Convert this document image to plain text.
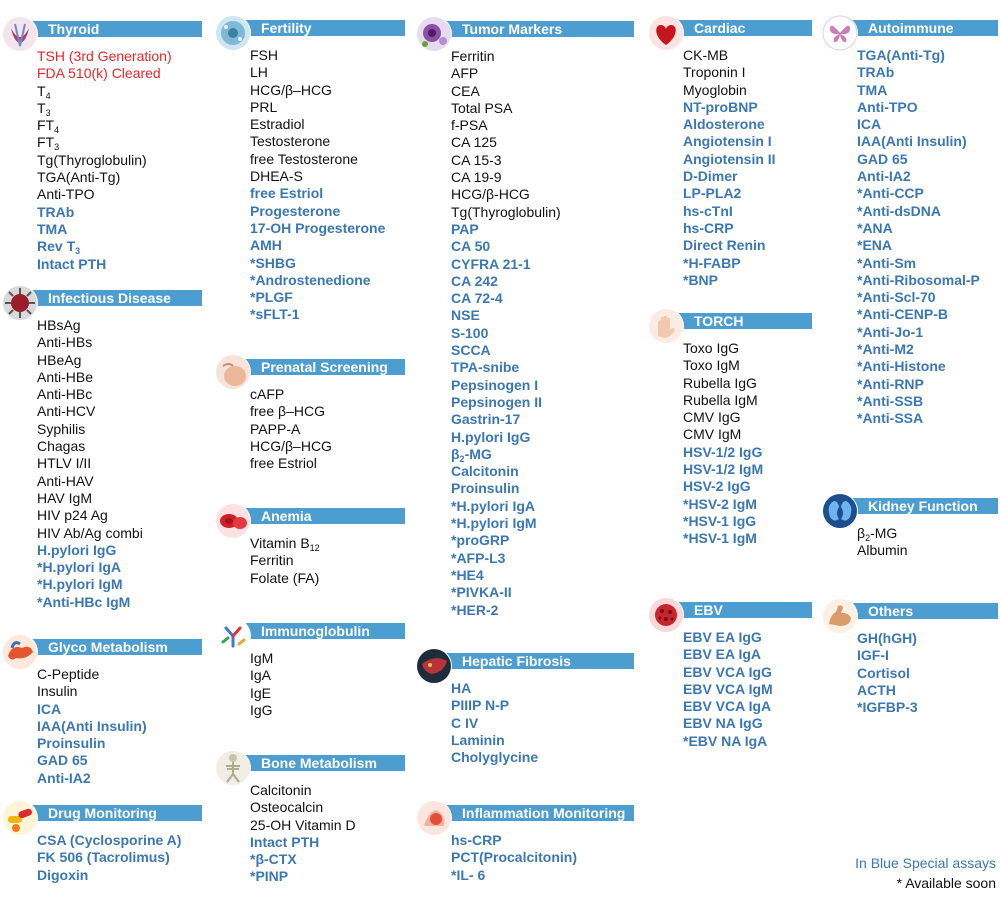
Thyroid
TSH (3rd Generation)
FDA 510(k) Cleared
$T_4$
$T_3$
$FT_4$
$FT_3$
Tg(Thyroglobulin)
TGA(Anti-Tg)
Anti-TPO
TRAb
TMA
Rev $T_3$
Intact PTH
Infectious Disease
HBsAg
Anti-HBs
HBeAg
Anti-HBe
Anti-HBc
Anti-HCV
Syphilis
Chagas
HTLV I/II
Anti-HAV
HAV IgM
HIV p24 Ag
HIV Ab/Ag combi
H.pylori IgG
*H.pylori IgA
*H.pylori IgM
*Anti-HBc IgM
Glyco Metabolism
C-Peptide
Insulin
ICA
IAA(Anti Insulin)
Proinsulin
GAD 65
Anti-IA2
Drug Monitoring
CSA (Cyclosporine A)
FK 506 (Tacrolimus)
Digoxin
Fertility
FSH
LH
HCG/β–HCG
PRL
Estradiol
Testosterone
free Testosterone
DHEA-S
free Estriol
Progesterone
17-OH Progesterone
AMH
*SHBG
*Androstenedione
*PLGF
*sFLT-1
Prenatal Screening
cAFP
free β–HCG
PAPP-A
HCG/β–HCG
free Estriol
Anemia
Vitamin $B_{12}$
Ferritin
Folate (FA)
Immunoglobulin
IgM
IgA
IgE
IgG
Bone Metabolism
Calcitonin
Osteocalcin
25-OH Vitamin D
Intact PTH
*β-CTX
*PINP
Tumor Markers
Ferritin
AFP
CEA
Total PSA
f-PSA
CA 125
CA 15-3
CA 19-9
HCG/β-HCG
Tg(Thyroglobulin)
PAP
CA 50
CYFRA 21-1
CA 242
CA 72-4
NSE
S-100
SCCA
TPA-snibe
Pepsinogen I
Pepsinogen II
Gastrin-17
H.pylori IgG
$\beta_2-MG$
Calcitonin
Proinsulin
*H.pylori IgA
*H.pylori IgM
*proGRP
*AFP-L3
*HE4
*PIVKA-II
*HER-2
Hepatic Fibrosis
HA
PIIIP N-P
C IV
Laminin
Cholyglycine
Inflammation Monitoring
hs-CRP
PCT(Procalcitonin)
*IL- 6
Cardiac
CK-MB
Troponin I
Myoglobin
NT-proBNP
Aldosterone
Angiotensin I
Angiotensin II
D-Dimer
LP-PLA2
hs-cTnI
hs-CRP
Direct Renin
*H-FABP
*BNP
TORCH
Toxo IgG
Toxo IgM
Rubella IgG
Rubella IgM
CMV IgG
CMV IgM
HSV-1/2 IgG
HSV-1/2 IgM
HSV-2 IgG
*HSV-2 IgM
*HSV-1 IgG
*HSV-1 IgM
EBV
EBV EA IgG
EBV EA IgA
EBV VCA IgG
EBV VCA IgM
EBV VCA IgA
EBV NA IgG
*EBV NA IgA
Autoimmune
TGA(Anti-Tg)
TRAb
TMA
Anti-TPO
ICA
IAA(Anti Insulin)
GAD 65
Anti-IA2
*Anti-CCP
*Anti-dsDNA
*ANA
*ENA
*Anti-Sm
*Anti-Ribosomal-P
*Anti-Scl-70
*Anti-CENP-B
*Anti-Jo-1
*Anti-M2
*Anti-Histone
*Anti-RNP
*Anti-SSB
*Anti-SSA
Kidney Function
$\beta_2-MG$
Albumin
Others
GH(hGH)
IGF-I
Cortisol
ACTH
*IGFBP-3
In Blue Special assays
* Available soon
